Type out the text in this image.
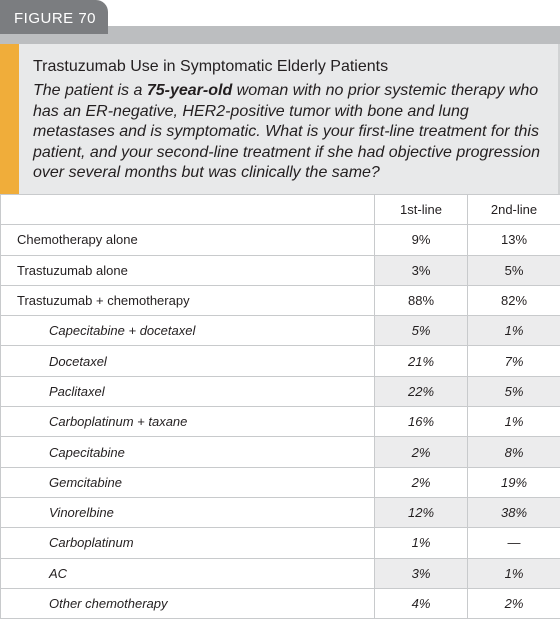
FIGURE 70
Trastuzumab Use in Symptomatic Elderly Patients
The patient is a 75-year-old woman with no prior systemic therapy who has an ER-negative, HER2-positive tumor with bone and lung metastases and is symptomatic. What is your first-line treatment for this patient, and your second-line treatment if she had objective progression over several months but was clinically the same?
	1st-line	2nd-line
Chemotherapy alone	9%	13%
Trastuzumab alone	3%	5%
Trastuzumab + chemotherapy	88%	82%
Capecitabine + docetaxel	5%	1%
Docetaxel	21%	7%
Paclitaxel	22%	5%
Carboplatinum + taxane	16%	1%
Capecitabine	2%	8%
Gemcitabine	2%	19%
Vinorelbine	12%	38%
Carboplatinum	1%	—
AC	3%	1%
Other chemotherapy	4%	2%
